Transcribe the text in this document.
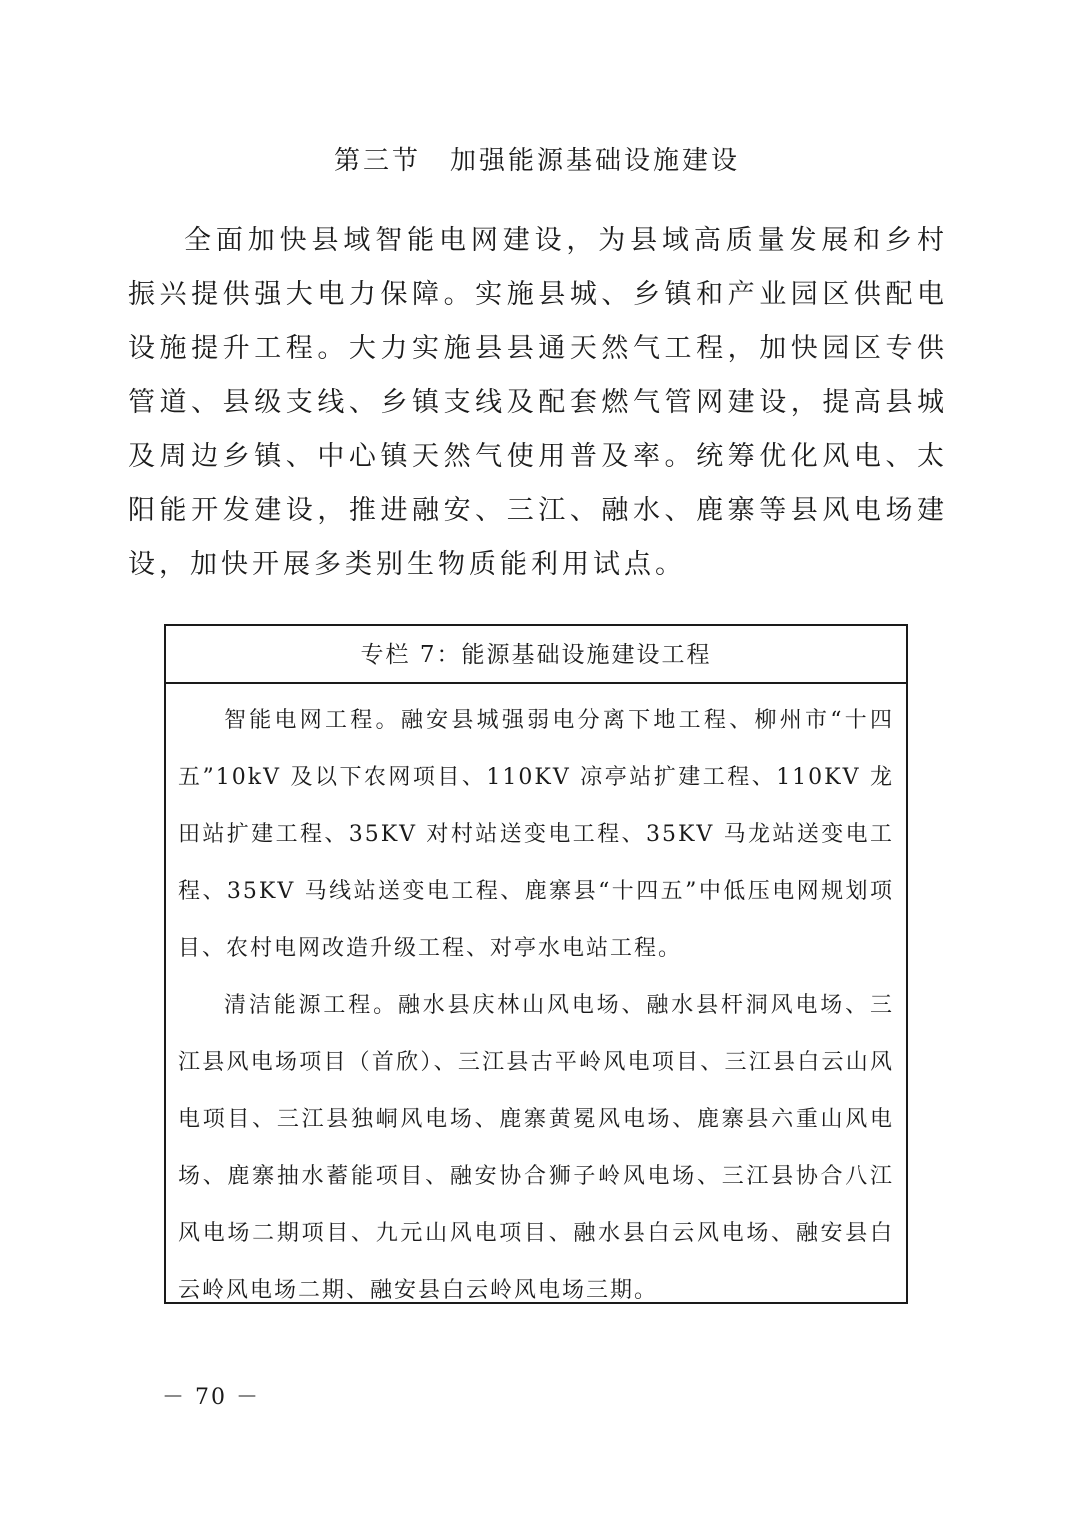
第三节　加强能源基础设施建设

全面加快县域智能电网建设，为县域高质量发展和乡村振兴提供强大电力保障。实施县城、乡镇和产业园区供配电设施提升工程。大力实施县县通天然气工程，加快园区专供管道、县级支线、乡镇支线及配套燃气管网建设，提高县城及周边乡镇、中心镇天然气使用普及率。统筹优化风电、太阳能开发建设，推进融安、三江、融水、鹿寨等县风电场建设，加快开展多类别生物质能利用试点。

专栏 7：能源基础设施建设工程

智能电网工程。融安县城强弱电分离下地工程、柳州市“十四五”10kV 及以下农网项目、110KV 凉亭站扩建工程、110KV 龙田站扩建工程、35KV 对村站送变电工程、35KV 马龙站送变电工程、35KV 马线站送变电工程、鹿寨县“十四五”中低压电网规划项目、农村电网改造升级工程、对亭水电站工程。

清洁能源工程。融水县庆林山风电场、融水县杆洞风电场、三江县风电场项目（首欣）、三江县古平岭风电项目、三江县白云山风电项目、三江县独峒风电场、鹿寨黄冕风电场、鹿寨县六重山风电场、鹿寨抽水蓄能项目、融安协合狮子岭风电场、三江县协合八江风电场二期项目、九元山风电项目、融水县白云风电场、融安县白云岭风电场二期、融安县白云岭风电场三期。

－ 70 －
